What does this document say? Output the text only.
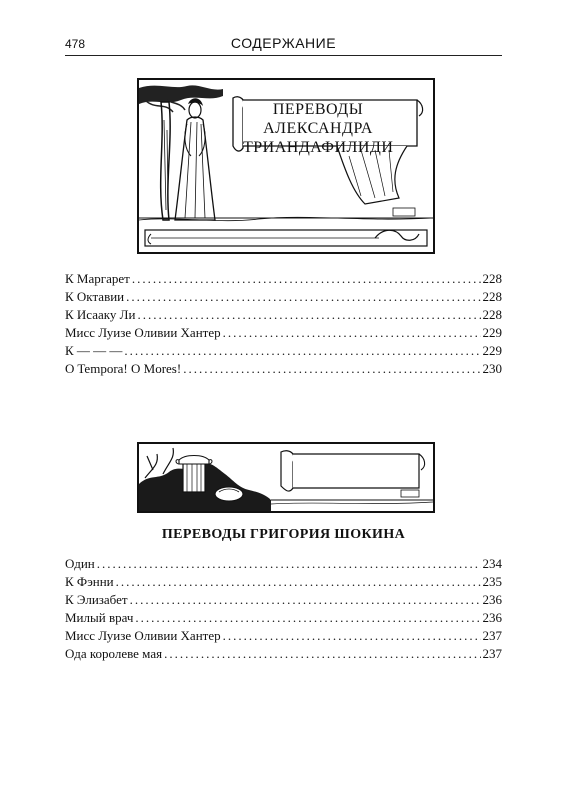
478	СОДЕРЖАНИЕ
ПЕРЕВОДЫ
АЛЕКСАНДРА
ТРИАНДАФИЛИДИ
К Маргарет .....	228
К Октавии .....	228
К Исааку Ли .....	228
Мисс Луизе Оливии Хантер .....	229
К — — — .....	229
O Tempora! O Mores! .....	230
ПЕРЕВОДЫ ГРИГОРИЯ ШОКИНА
Один .....	234
К Фэнни .....	235
К Элизабет .....	236
Милый врач .....	236
Мисс Луизе Оливии Хантер .....	237
Ода королеве мая .....	237
